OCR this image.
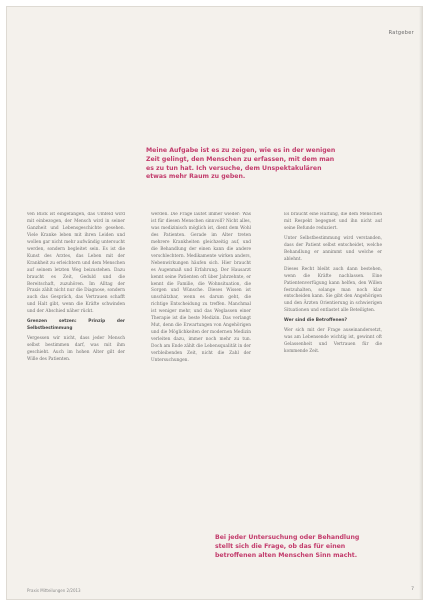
Ratgeber
Meine Aufgabe ist es zu zeigen, wie es in der wenigen Zeit gelingt, den Menschen zu erfassen, mit dem man es zu tun hat. Ich versuche, dem Unspektakulären etwas mehr Raum zu geben.

ven Blick ist eingefangen, das Umfeld wird mit einbezogen, der Mensch wird in seiner Ganzheit und Lebensgeschichte gesehen. Viele Kranke leben mit ihren Leiden und wollen gar nicht mehr aufwändig untersucht werden, sondern begleitet sein. Es ist die Kunst des Arztes, das Leben mit der Krankheit zu erleichtern und dem Menschen auf seinem letzten Weg beizustehen. Dazu braucht es Zeit, Geduld und die Bereitschaft, zuzuhören. Im Alltag der Praxis zählt nicht nur die Diagnose, sondern auch das Gespräch, das Vertrauen schafft und Halt gibt, wenn die Kräfte schwinden und der Abschied näher rückt.

Grenzen setzen: Prinzip der Selbstbestimmung

Vergessen wir nicht, dass jeder Mensch selbst bestimmen darf, was mit ihm geschieht. Auch im hohen Alter gilt der Wille des Patienten.

werden. Die Frage lautet immer wieder: Was ist für diesen Menschen sinnvoll? Nicht alles, was medizinisch möglich ist, dient dem Wohl des Patienten. Gerade im Alter treten mehrere Krankheiten gleichzeitig auf, und die Behandlung der einen kann die andere verschlechtern. Medikamente wirken anders, Nebenwirkungen häufen sich. Hier braucht es Augenmaß und Erfahrung. Der Hausarzt kennt seine Patienten oft über Jahrzehnte, er kennt die Familie, die Wohnsituation, die Sorgen und Wünsche. Dieses Wissen ist unschätzbar, wenn es darum geht, die richtige Entscheidung zu treffen. Manchmal ist weniger mehr, und das Weglassen einer Therapie ist die beste Medizin. Das verlangt Mut, denn die Erwartungen von Angehörigen und die Möglichkeiten der modernen Medizin verleiten dazu, immer noch mehr zu tun. Doch am Ende zählt die Lebensqualität in der verbleibenden Zeit, nicht die Zahl der Untersuchungen.

Es braucht eine Haltung, die dem Menschen mit Respekt begegnet und ihn nicht auf seine Befunde reduziert.

Unter Selbstbestimmung wird verstanden, dass der Patient selbst entscheidet, welche Behandlung er annimmt und welche er ablehnt.

Dieses Recht bleibt auch dann bestehen, wenn die Kräfte nachlassen. Eine Patientenverfügung kann helfen, den Willen festzuhalten, solange man noch klar entscheiden kann. Sie gibt den Angehörigen und den Ärzten Orientierung in schwierigen Situationen und entlastet alle Beteiligten.

Wer sind die Betroffenen?

Wer sich mit der Frage auseinandersetzt, was am Lebensende wichtig ist, gewinnt oft Gelassenheit und Vertrauen für die kommende Zeit.

Bei jeder Untersuchung oder Behandlung stellt sich die Frage, ob das für einen betroffenen alten Menschen Sinn macht.
Praxis Mitteilungen 2/2013	7
